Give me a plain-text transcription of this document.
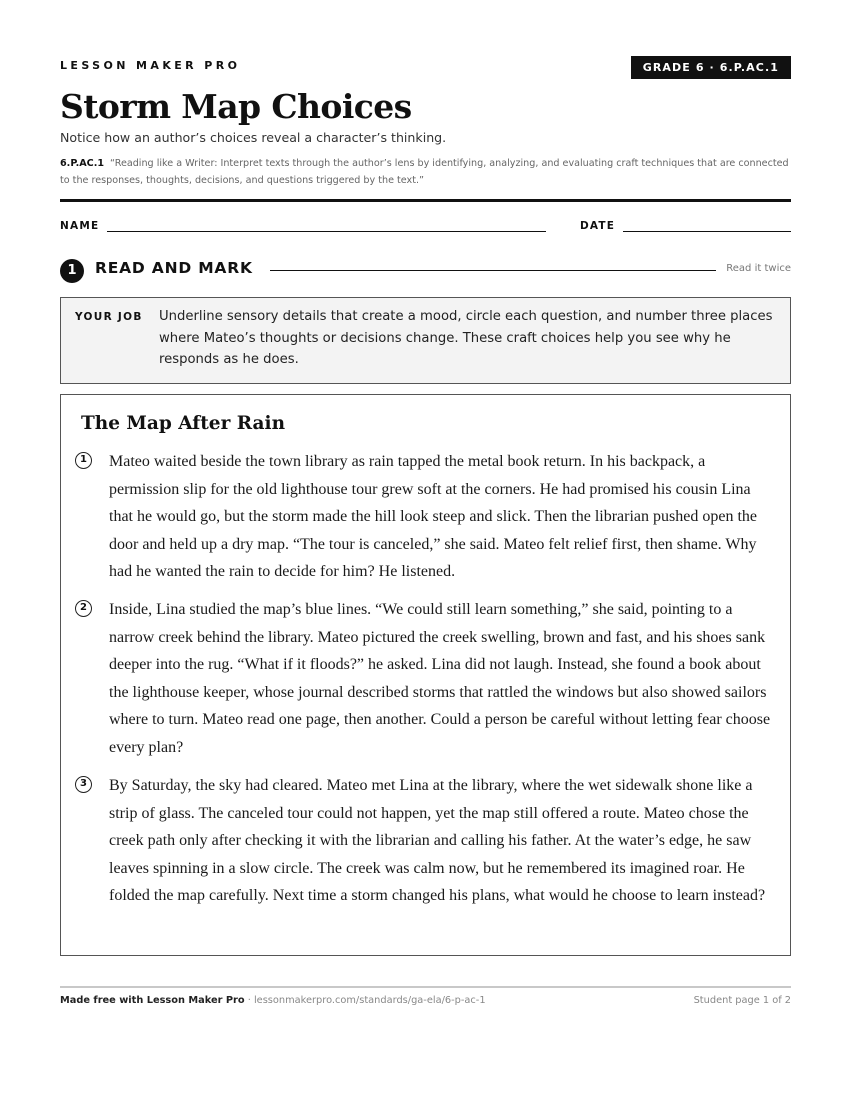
LESSON MAKER PRO	GRADE 6 · 6.P.AC.1
Storm Map Choices
Notice how an author’s choices reveal a character’s thinking.
6.P.AC.1 “Reading like a Writer: Interpret texts through the author’s lens by identifying, analyzing, and evaluating craft techniques that are connected to the responses, thoughts, decisions, and questions triggered by the text.”
NAME	DATE
1	READ AND MARK	Read it twice
YOUR JOB Underline sensory details that create a mood, circle each question, and number three places where Mateo’s thoughts or decisions change. These craft choices help you see why he responds as he does.
The Map After Rain
1	Mateo waited beside the town library as rain tapped the metal book return. In his backpack, a permission slip for the old lighthouse tour grew soft at the corners. He had promised his cousin Lina that he would go, but the storm made the hill look steep and slick. Then the librarian pushed open the door and held up a dry map. “The tour is canceled,” she said. Mateo felt relief first, then shame. Why had he wanted the rain to decide for him? He listened.

2	Inside, Lina studied the map’s blue lines. “We could still learn something,” she said, pointing to a narrow creek behind the library. Mateo pictured the creek swelling, brown and fast, and his shoes sank deeper into the rug. “What if it floods?” he asked. Lina did not laugh. Instead, she found a book about the lighthouse keeper, whose journal described storms that rattled the windows but also showed sailors where to turn. Mateo read one page, then another. Could a person be careful without letting fear choose every plan?

3	By Saturday, the sky had cleared. Mateo met Lina at the library, where the wet sidewalk shone like a strip of glass. The canceled tour could not happen, yet the map still offered a route. Mateo chose the creek path only after checking it with the librarian and calling his father. At the water’s edge, he saw leaves spinning in a slow circle. The creek was calm now, but he remembered its imagined roar. He folded the map carefully. Next time a storm changed his plans, what would he choose to learn instead?

Made free with Lesson Maker Pro · lessonmakerpro.com/standards/ga-ela/6-p-ac-1	Student page 1 of 2
